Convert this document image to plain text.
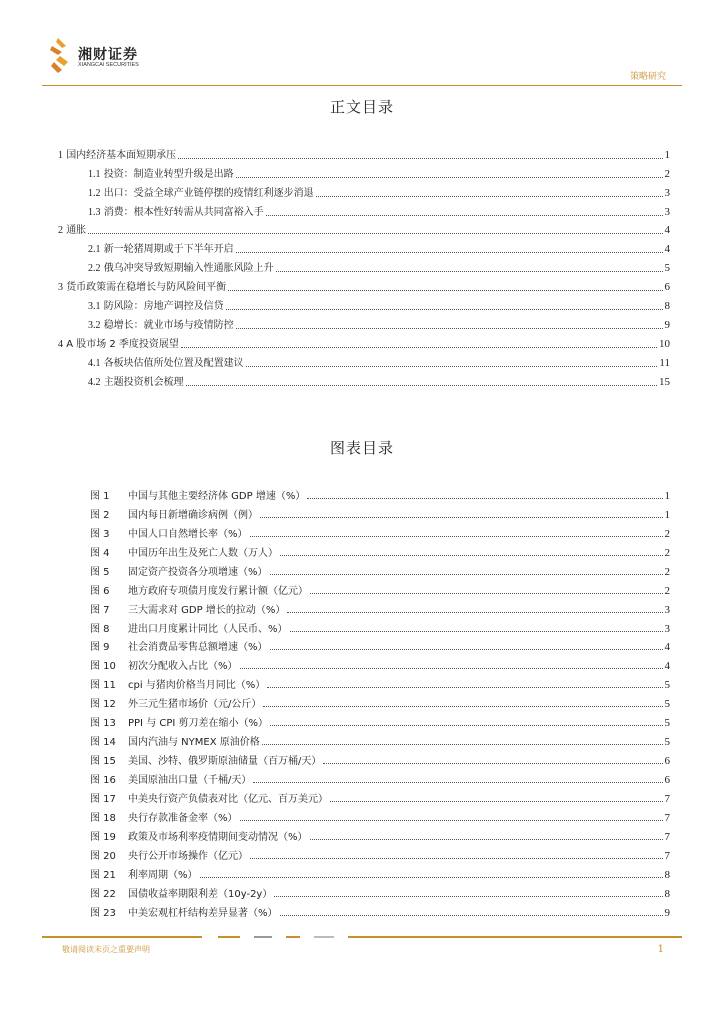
湘财证券
XIANGCAI SECURITIES
策略研究
正文目录
1 国内经济基本面短期承压	1
1.1 投资：制造业转型升级是出路	2
1.2 出口：受益全球产业链停摆的疫情红利逐步消退	3
1.3 消费：根本性好转需从共同富裕入手	3
2 通胀	4
2.1 新一轮猪周期或于下半年开启	4
2.2 俄乌冲突导致短期输入性通胀风险上升	5
3 货币政策需在稳增长与防风险间平衡	6
3.1 防风险：房地产调控及信贷	8
3.2 稳增长：就业市场与疫情防控	9
4 A 股市场 2 季度投资展望	10
4.1 各板块估值所处位置及配置建议	11
4.2 主题投资机会梳理	15
图表目录
图 1	中国与其他主要经济体 GDP 增速（%）	1
图 2	国内每日新增确诊病例（例）	1
图 3	中国人口自然增长率（%）	2
图 4	中国历年出生及死亡人数（万人）	2
图 5	固定资产投资各分项增速（%）	2
图 6	地方政府专项债月度发行累计额（亿元）	2
图 7	三大需求对 GDP 增长的拉动（%）	3
图 8	进出口月度累计同比（人民币、%）	3
图 9	社会消费品零售总额增速（%）	4
图 10	初次分配收入占比（%）	4
图 11	cpi 与猪肉价格当月同比（%）	5
图 12	外三元生猪市场价（元/公斤）	5
图 13	PPI 与 CPI 剪刀差在缩小（%）	5
图 14	国内汽油与 NYMEX 原油价格	5
图 15	美国、沙特、俄罗斯原油储量（百万桶/天）	6
图 16	美国原油出口量（千桶/天）	6
图 17	中美央行资产负债表对比（亿元、百万美元）	7
图 18	央行存款准备金率（%）	7
图 19	政策及市场利率疫情期间变动情况（%）	7
图 20	央行公开市场操作（亿元）	7
图 21	利率周期（%）	8
图 22	国债收益率期限利差（10y-2y）	8
图 23	中美宏观杠杆结构差异显著（%）	9
敬请阅读末页之重要声明	1
